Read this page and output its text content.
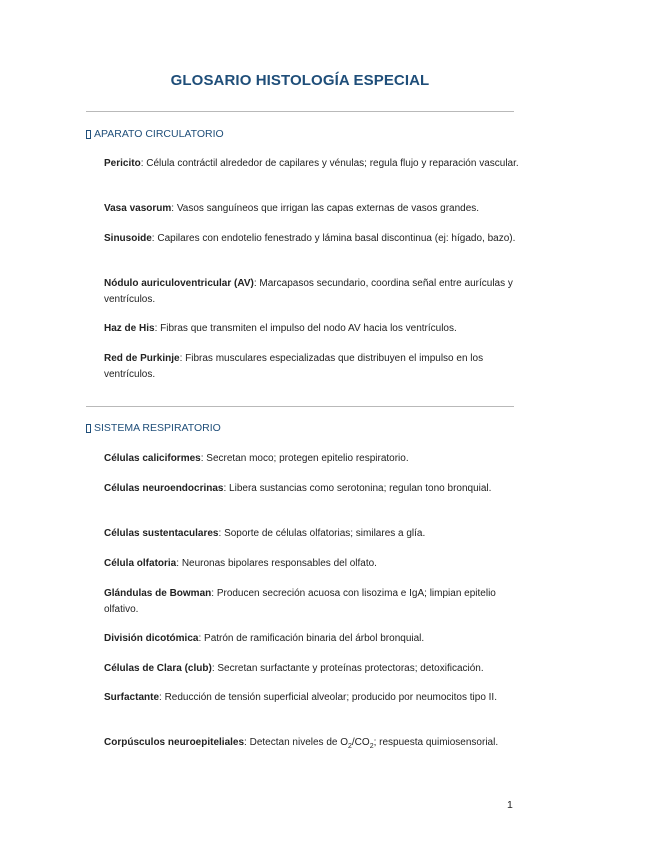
GLOSARIO HISTOLOGÍA ESPECIAL
APARATO CIRCULATORIO
Pericito: Célula contráctil alrededor de capilares y vénulas; regula flujo y reparación vascular.
Vasa vasorum: Vasos sanguíneos que irrigan las capas externas de vasos grandes.
Sinusoide: Capilares con endotelio fenestrado y lámina basal discontinua (ej: hígado, bazo).
Nódulo auriculoventricular (AV): Marcapasos secundario, coordina señal entre aurículas y ventrículos.
Haz de His: Fibras que transmiten el impulso del nodo AV hacia los ventrículos.
Red de Purkinje: Fibras musculares especializadas que distribuyen el impulso en los ventrículos.
SISTEMA RESPIRATORIO
Células caliciformes: Secretan moco; protegen epitelio respiratorio.
Células neuroendocrinas: Libera sustancias como serotonina; regulan tono bronquial.
Células sustentaculares: Soporte de células olfatorias; similares a glía.
Célula olfatoria: Neuronas bipolares responsables del olfato.
Glándulas de Bowman: Producen secreción acuosa con lisozima e IgA; limpian epitelio olfativo.
División dicotómica: Patrón de ramificación binaria del árbol bronquial.
Células de Clara (club): Secretan surfactante y proteínas protectoras; detoxificación.
Surfactante: Reducción de tensión superficial alveolar; producido por neumocitos tipo II.
Corpúsculos neuroepiteliales: Detectan niveles de $O_2/CO_2$; respuesta quimiosensorial.
1
